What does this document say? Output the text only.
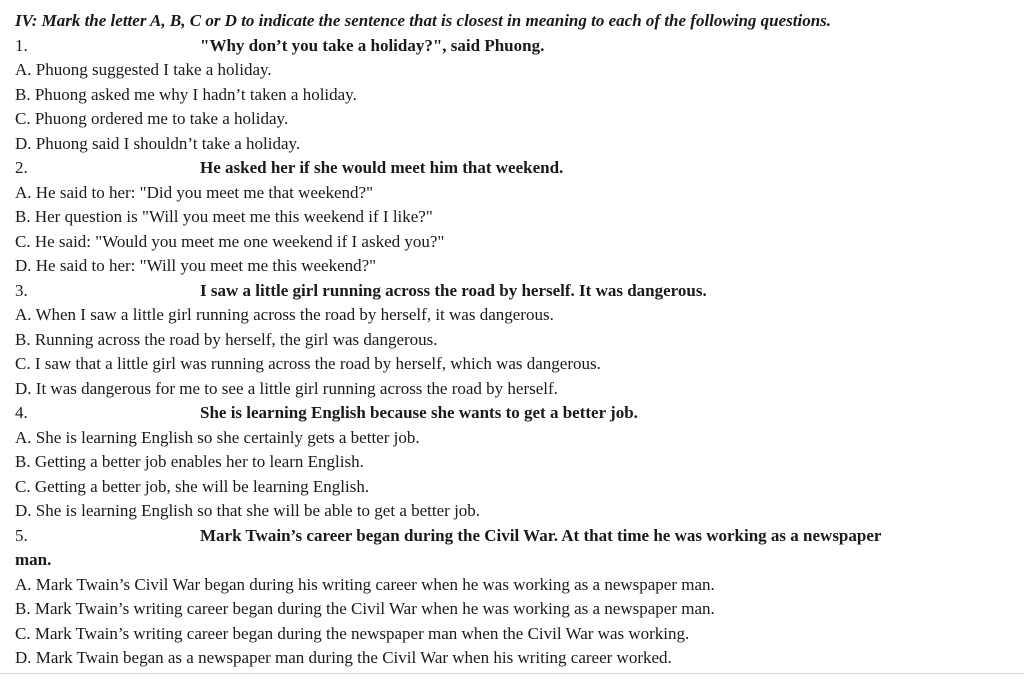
IV: Mark the letter A, B, C or D to indicate the sentence that is closest in meaning to each of the following questions.
1.	"Why don’t you take a holiday?", said Phuong.
A. Phuong suggested I take a holiday.
B. Phuong asked me why I hadn’t taken a holiday.
C. Phuong ordered me to take a holiday.
D. Phuong said I shouldn’t take a holiday.
2.	He asked her if she would meet him that weekend.
A. He said to her: "Did you meet me that weekend?"
B. Her question is "Will you meet me this weekend if I like?"
C. He said: "Would you meet me one weekend if I asked you?"
D. He said to her: "Will you meet me this weekend?"
3.	I saw a little girl running across the road by herself. It was dangerous.
A. When I saw a little girl running across the road by herself, it was dangerous.
B. Running across the road by herself, the girl was dangerous.
C. I saw that a little girl was running across the road by herself, which was dangerous.
D. It was dangerous for me to see a little girl running across the road by herself.
4.	She is learning English because she wants to get a better job.
A. She is learning English so she certainly gets a better job.
B. Getting a better job enables her to learn English.
C. Getting a better job, she will be learning English.
D. She is learning English so that she will be able to get a better job.
5.	Mark Twain’s career began during the Civil War. At that time he was working as a newspaper
man.
A. Mark Twain’s Civil War began during his writing career when he was working as a newspaper man.
B. Mark Twain’s writing career began during the Civil War when he was working as a newspaper man.
C. Mark Twain’s writing career began during the newspaper man when the Civil War was working.
D. Mark Twain began as a newspaper man during the Civil War when his writing career worked.
